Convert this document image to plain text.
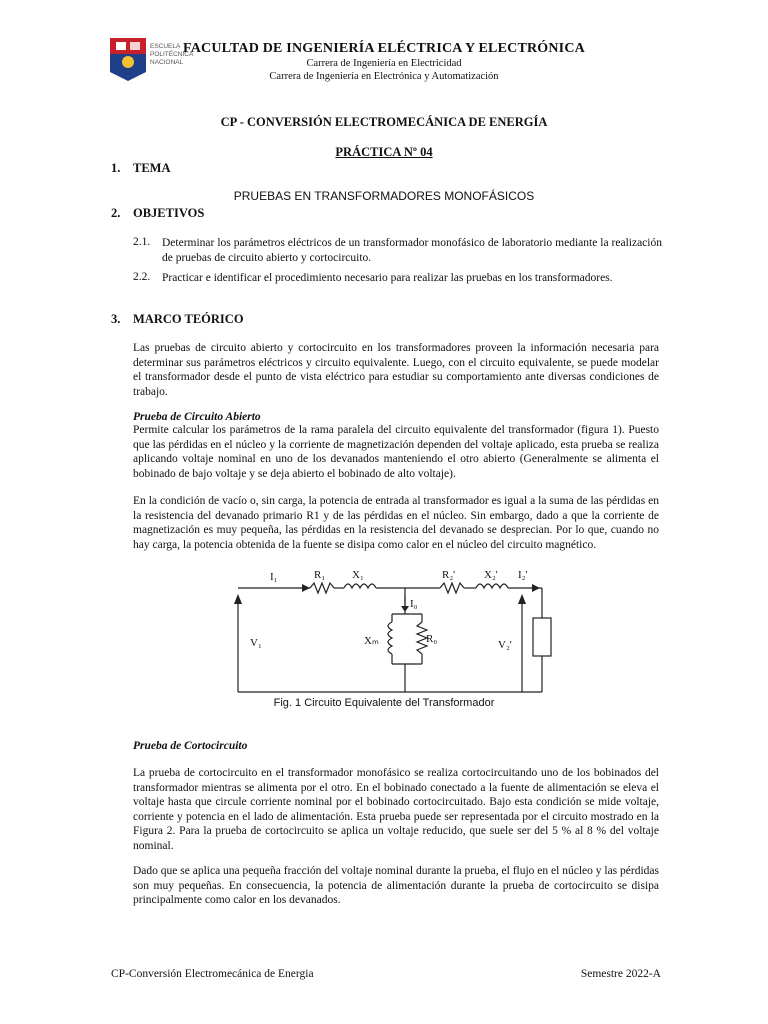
ESCUELA
POLITÉCNICA
NACIONAL
FACULTAD DE INGENIERÍA ELÉCTRICA Y ELECTRÓNICA
Carrera de Ingeniería en Electricidad
Carrera de Ingeniería en Electrónica y Automatización
CP - CONVERSIÓN ELECTROMECÁNICA DE ENERGÍA
PRÁCTICA Nº 04
1. TEMA
PRUEBAS EN TRANSFORMADORES MONOFÁSICOS
2. OBJETIVOS
2.1. Determinar los parámetros eléctricos de un transformador monofásico de laboratorio mediante la realización de pruebas de circuito abierto y cortocircuito.
2.2. Practicar e identificar el procedimiento necesario para realizar las pruebas en los transformadores.
3. MARCO TEÓRICO
Las pruebas de circuito abierto y cortocircuito en los transformadores proveen la información necesaria para determinar sus parámetros eléctricos y circuito equivalente. Luego, con el circuito equivalente, se puede modelar el transformador desde el punto de vista eléctrico para estudiar su comportamiento ante diversas condiciones de trabajo.
Prueba de Circuito Abierto
Permite calcular los parámetros de la rama paralela del circuito equivalente del transformador (figura 1). Puesto que las pérdidas en el núcleo y la corriente de magnetización dependen del voltaje aplicado, esta prueba se realiza aplicando voltaje nominal en uno de los devanados manteniendo el otro abierto (Generalmente se alimenta el bobinado de bajo voltaje y se deja abierto el bobinado de alto voltaje).
En la condición de vacío o, sin carga, la potencia de entrada al transformador es igual a la suma de las pérdidas en la resistencia del devanado primario R1 y de las pérdidas en el núcleo. Sin embargo, dado a que la corriente de magnetización es muy pequeña, las pérdidas en la resistencia del devanado se desprecian. Por lo que, cuando no hay carga, la potencia obtenida de la fuente se disipa como calor en el núcleo del circuito magnético.
I₁	R₁ X₁	R₂'	X₂' I₂'
I₀
Xₘ	R₀
V₁	V₂'
Fig. 1 Circuito Equivalente del Transformador
Prueba de Cortocircuito
La prueba de cortocircuito en el transformador monofásico se realiza cortocircuitando uno de los bobinados del transformador mientras se alimenta por el otro. En el bobinado conectado a la fuente de alimentación se eleva el voltaje hasta que circule corriente nominal por el bobinado cortocircuitado. Bajo esta condición se mide voltaje, corriente y potencia en el lado de alimentación. Esta prueba puede ser representada por el circuito mostrado en la Figura 2. Para la prueba de cortocircuito se aplica un voltaje reducido, que suele ser del 5 % al 8 % del voltaje nominal.
Dado que se aplica una pequeña fracción del voltaje nominal durante la prueba, el flujo en el núcleo y las pérdidas son muy pequeñas. En consecuencia, la potencia de alimentación durante la prueba de cortocircuito se disipa principalmente como calor en los devanados.
CP-Conversión Electromecánica de Energia	Semestre 2022-A
